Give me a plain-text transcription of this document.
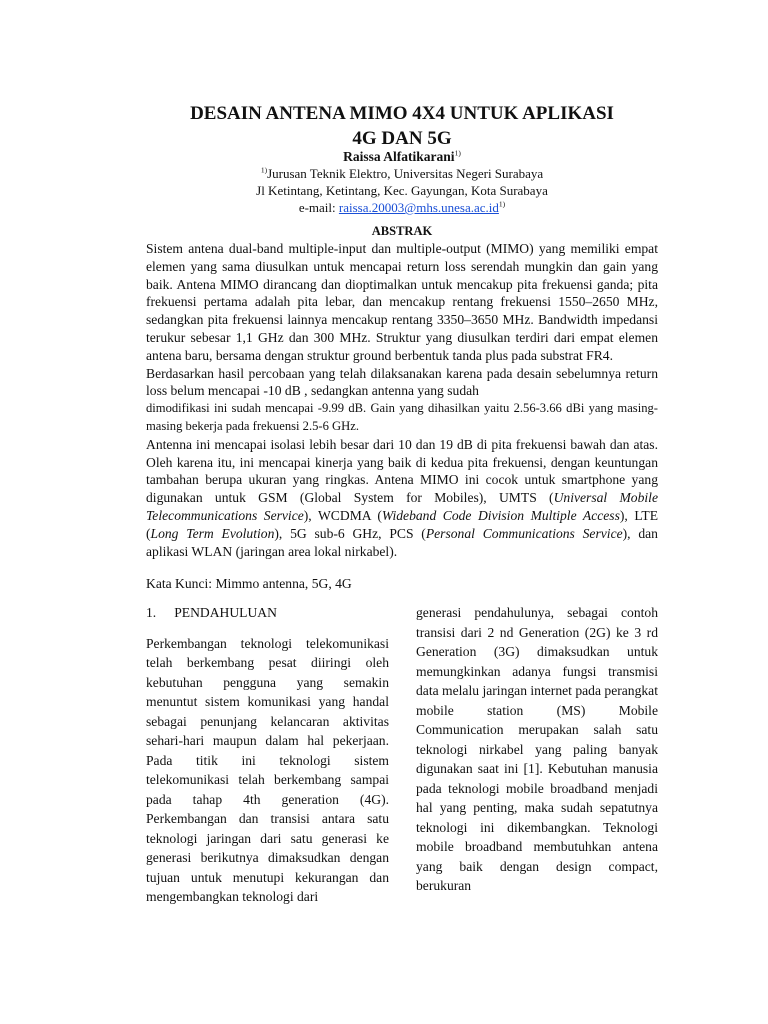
DESAIN ANTENA MIMO 4X4 UNTUK APLIKASI
4G DAN 5G
Raissa Alfatikarani$^{1)}$
$^{1)}$Jurusan Teknik Elektro, Universitas Negeri Surabaya
Jl Ketintang, Ketintang, Kec. Gayungan, Kota Surabaya
e-mail: $raissa.20003@mhs.unesa.ac.id^{1)}$
ABSTRAK

Sistem antena dual-band multiple-input dan multiple-output (MIMO) yang memiliki empat elemen yang sama diusulkan untuk mencapai return loss serendah mungkin dan gain yang baik. Antena MIMO dirancang dan dioptimalkan untuk mencakup pita frekuensi ganda; pita frekuensi pertama adalah pita lebar, dan mencakup rentang frekuensi 1550–2650 MHz, sedangkan pita frekuensi lainnya mencakup rentang 3350–3650 MHz. Bandwidth impedansi terukur sebesar 1,1 GHz dan 300 MHz. Struktur yang diusulkan terdiri dari empat elemen antena baru, bersama dengan struktur ground berbentuk tanda plus pada substrat FR4.

Berdasarkan hasil percobaan yang telah dilaksanakan karena pada desain sebelumnya return loss belum mencapai -10 dB , sedangkan antenna yang sudah

dimodifikasi ini sudah mencapai -9.99 dB. Gain yang dihasilkan yaitu 2.56-3.66 dBi yang masing-masing bekerja pada frekuensi 2.5-6 GHz.

Antenna ini mencapai isolasi lebih besar dari 10 dan 19 dB di pita frekuensi bawah dan atas. Oleh karena itu, ini mencapai kinerja yang baik di kedua pita frekuensi, dengan keuntungan tambahan berupa ukuran yang ringkas. Antena MIMO ini cocok untuk smartphone yang digunakan untuk GSM (Global System for Mobiles), UMTS (Universal Mobile Telecommunications Service), WCDMA (Wideband Code Division Multiple Access), LTE (Long Term Evolution), 5G sub-6 GHz, PCS (Personal Communications Service), dan aplikasi WLAN (jaringan area lokal nirkabel).

Kata Kunci: Mimmo antenna, 5G, 4G
1. PENDAHULUAN

Perkembangan teknologi telekomunikasi telah berkembang pesat diiringi oleh kebutuhan pengguna yang semakin menuntut sistem komunikasi yang handal sebagai penunjang kelancaran aktivitas sehari-hari maupun dalam hal pekerjaan. Pada titik ini teknologi sistem telekomunikasi telah berkembang sampai pada tahap 4th generation (4G). Perkembangan dan transisi antara satu teknologi jaringan dari satu generasi ke generasi berikutnya dimaksudkan dengan tujuan untuk menutupi kekurangan dan mengembangkan teknologi dari

generasi pendahulunya, sebagai contoh transisi dari 2 nd Generation (2G) ke 3 rd Generation (3G) dimaksudkan untuk memungkinkan adanya fungsi transmisi data melalu jaringan internet pada perangkat mobile station (MS) Mobile Communication merupakan salah satu teknologi nirkabel yang paling banyak digunakan saat ini [1]. Kebutuhan manusia pada teknologi mobile broadband menjadi hal yang penting, maka sudah sepatutnya teknologi ini dikembangkan. Teknologi mobile broadband membutuhkan antena yang baik dengan design compact, berukuran
